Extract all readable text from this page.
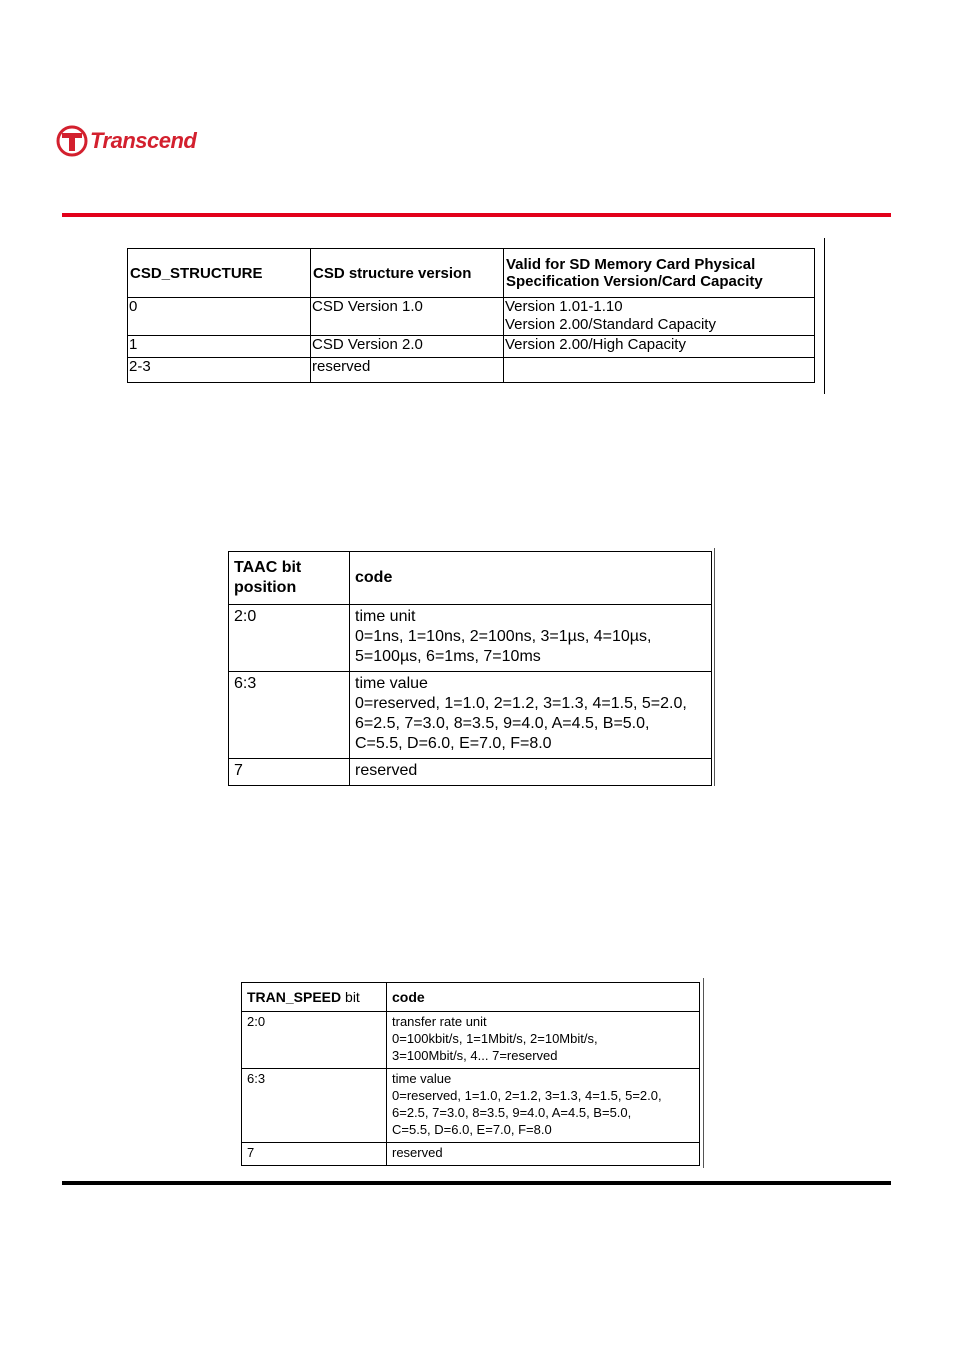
Transcend
CSD_STRUCTURE	CSD structure version	Valid for SD Memory Card Physical Specification Version/Card Capacity
0	CSD Version 1.0	Version 1.01-1.10
Version 2.00/Standard Capacity

1	CSD Version 2.0	Version 2.00/High Capacity

2-3	reserved	
TAAC bit
position	code
2:0	time unit
0=1ns, 1=10ns, 2=100ns, 3=1µs, 4=10µs,
5=100µs, 6=1ms, 7=10ms

6:3	time value
0=reserved, 1=1.0, 2=1.2, 3=1.3, 4=1.5, 5=2.0,
6=2.5, 7=3.0, 8=3.5, 9=4.0, A=4.5, B=5.0,
C=5.5, D=6.0, E=7.0, F=8.0

7	reserved
TRAN_SPEED bit	code
2:0	transfer rate unit
0=100kbit/s, 1=1Mbit/s, 2=10Mbit/s,
3=100Mbit/s, 4... 7=reserved

6:3	time value
0=reserved, 1=1.0, 2=1.2, 3=1.3, 4=1.5, 5=2.0,
6=2.5, 7=3.0, 8=3.5, 9=4.0, A=4.5, B=5.0,
C=5.5, D=6.0, E=7.0, F=8.0

7	reserved
